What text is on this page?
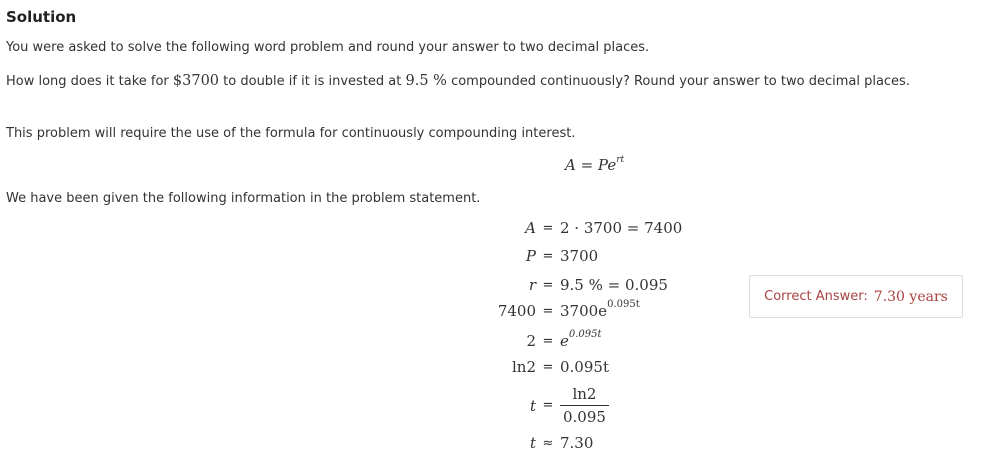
Solution
You were asked to solve the following word problem and round your answer to two decimal places.
How long does it take for $3700 to double if it is invested at 9.5 % compounded continuously? Round your answer to two decimal places.
This problem will require the use of the formula for continuously compounding interest.
$A = Pe^{rt}$
We have been given the following information in the problem statement.
A = 2 · 3700 = 7400
P = 3700
r = 9.5 % = 0.095
$7400 = 3700e^{0.095t}$
$2 = e^{0.095t}$
ln2 = 0.095t
$t = \frac{\ln 2}{0.095}$
t ≈ 7.30
Correct Answer: 7.30 years
